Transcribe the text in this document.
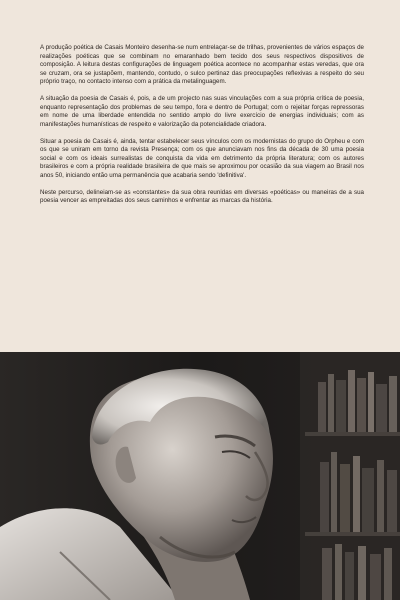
A produção poética de Casais Monteiro desenha-se num entrelaçar-se de trilhas, provenientes de vários espaços de realizações poéticas que se combinam no emaranhado bem tecido dos seus respectivos dispositivos de composição. A leitura destas configurações de linguagem poética acontece no acompanhar estas veredas, que ora se cruzam, ora se justapõem, mantendo, contudo, o sulco pertinaz das preocupações reflexivas a respeito do seu próprio traço, no contacto intenso com a prática da metalinguagem.

A situação da poesia de Casais é, pois, a de um projecto nas suas vinculações com a sua própria crítica de poesia, enquanto representação dos problemas de seu tempo, fora e dentro de Portugal; com o rejeitar forças repressoras em nome de uma liberdade entendida no sentido amplo do livre exercício de energias individuais; com as manifestações humanísticas de respeito e valorização da potencialidade criadora.

Situar a poesia de Casais é, ainda, tentar estabelecer seus vínculos com os modernistas do grupo do Orpheu e com os que se uniram em torno da revista Presença; com os que anunciavam nos fins da década de 30 uma poesia social e com os ideais surrealistas de conquista da vida em detrimento da própria literatura; com os autores brasileiros e com a própria realidade brasileira de que mais se aproximou por ocasião da sua viagem ao Brasil nos anos 50, iniciando então uma permanência que acabaria sendo 'definitiva'.

Neste percurso, delineiam-se as «constantes» da sua obra reunidas em diversas «poéticas» ou maneiras de a sua poesia vencer as empreitadas dos seus caminhos e enfrentar as marcas da história.
